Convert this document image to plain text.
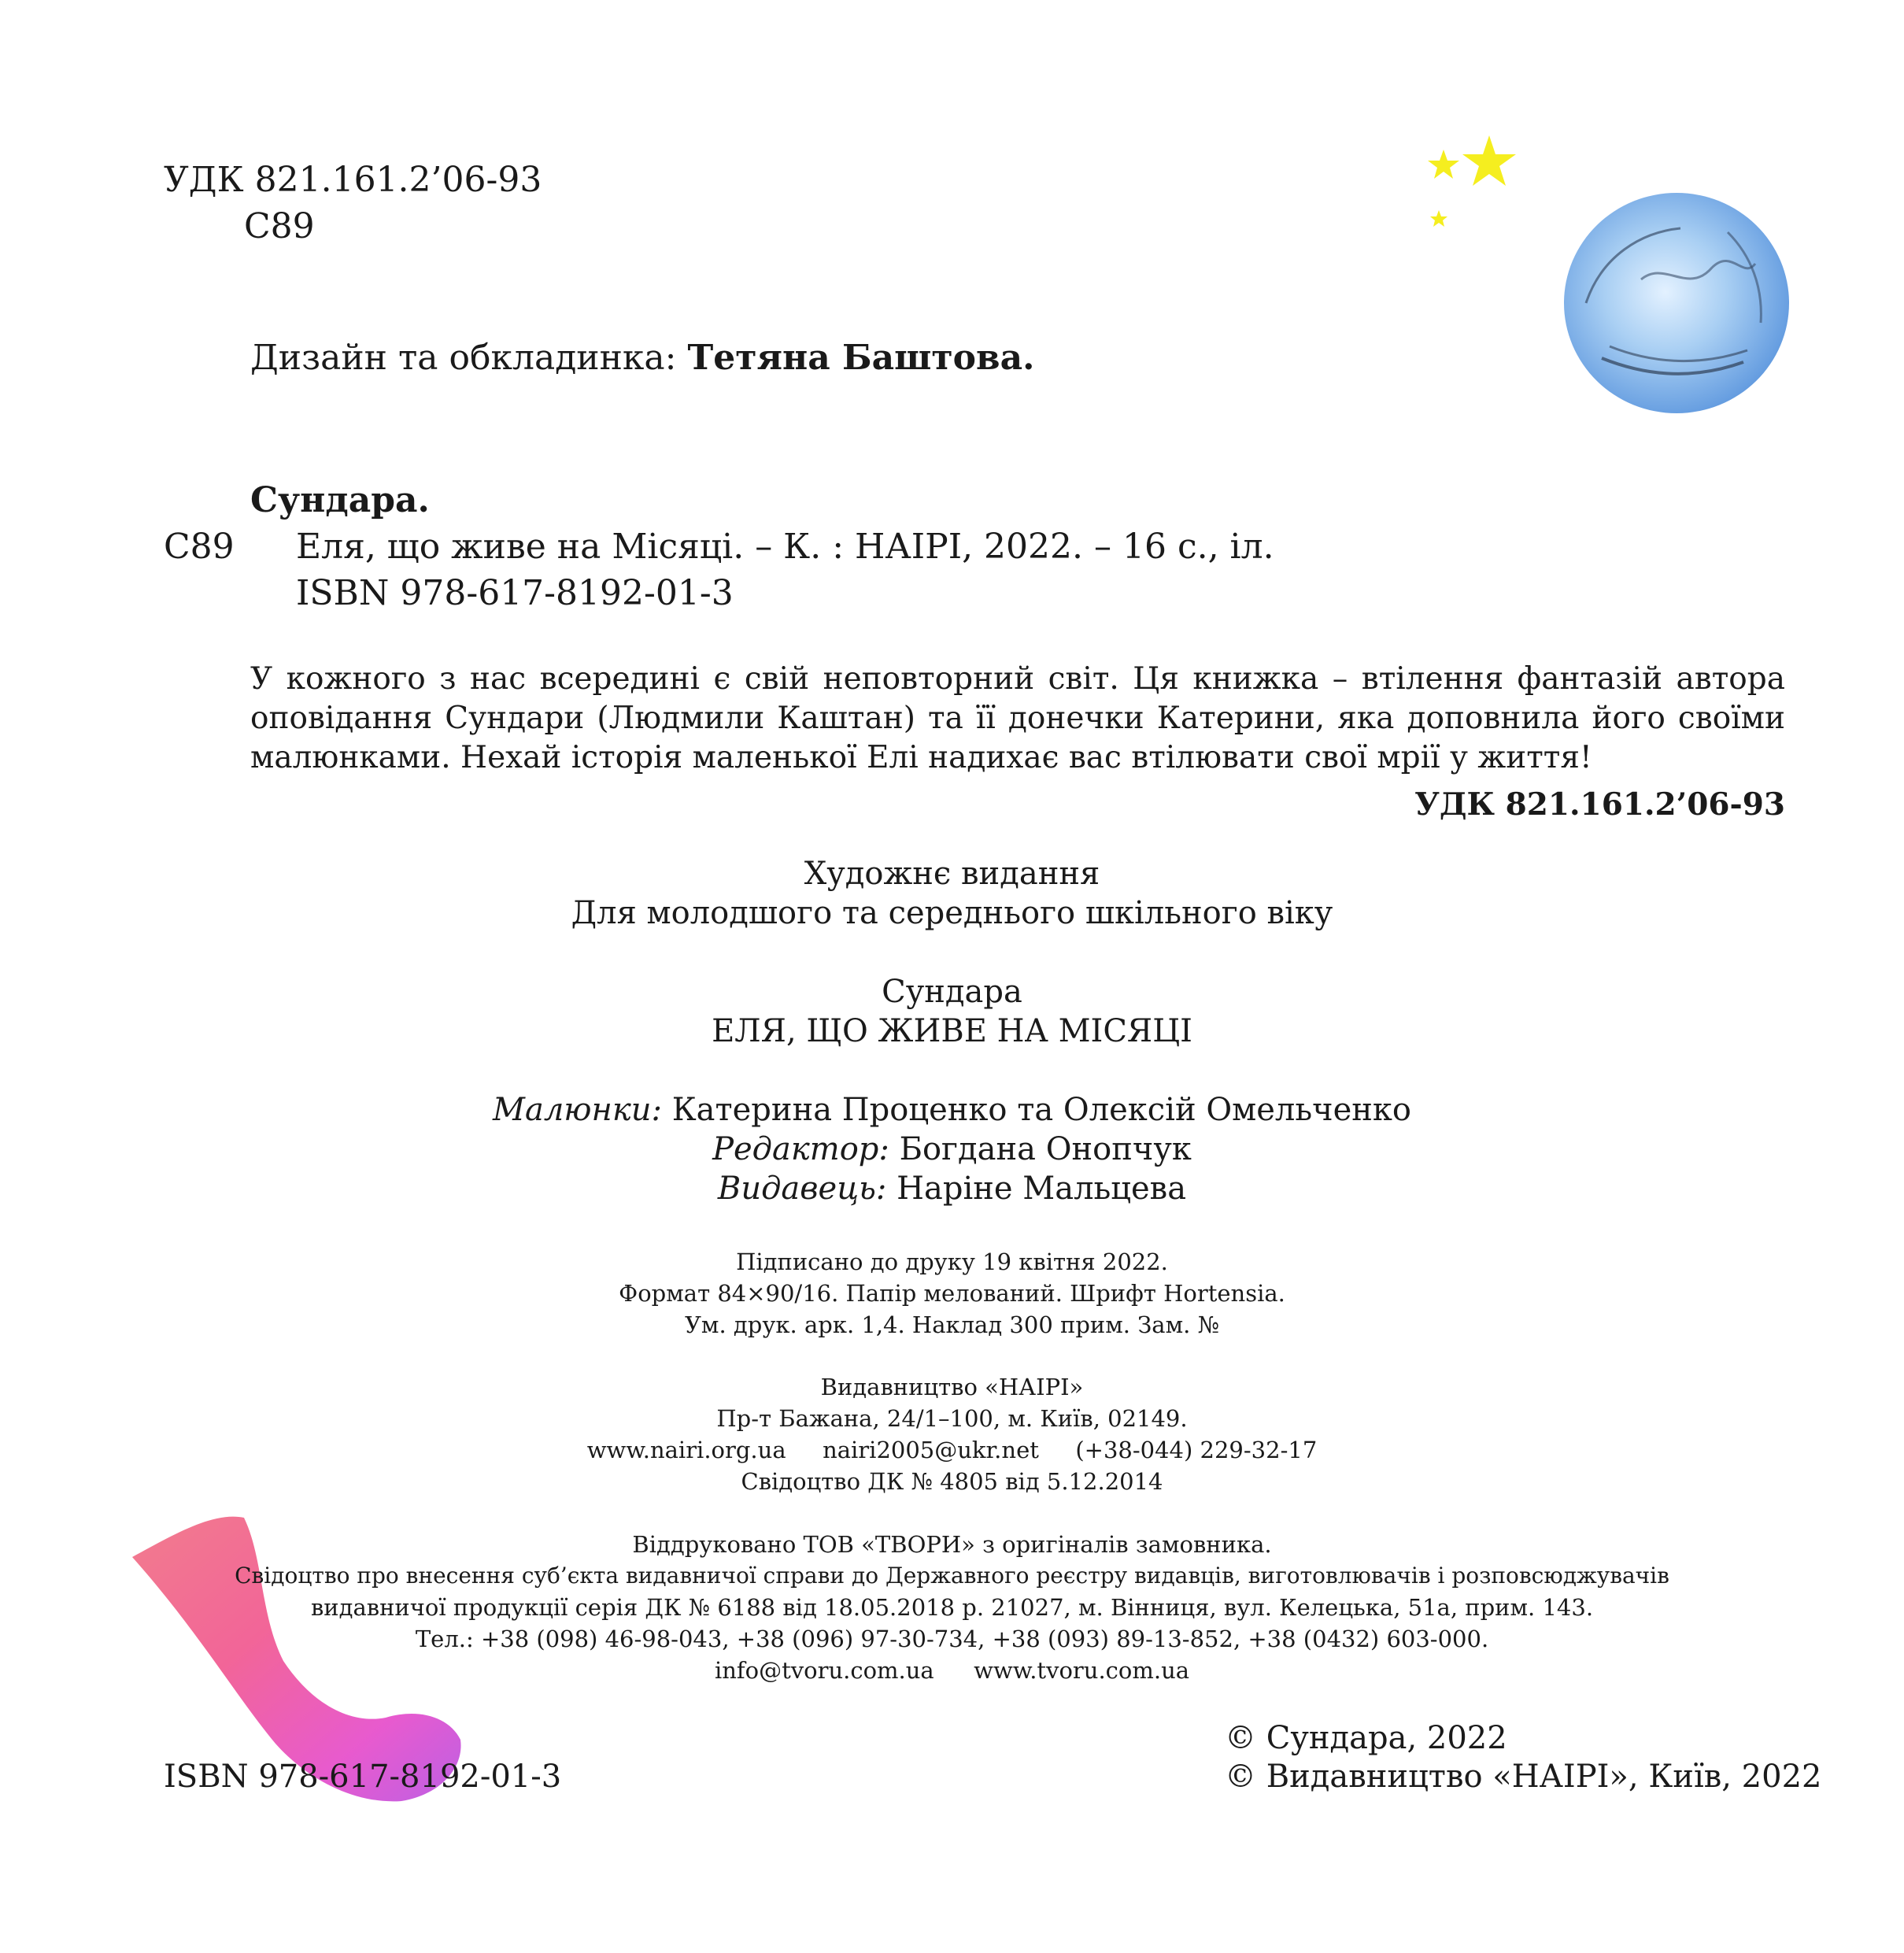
УДК 821.161.2’06-93
С89
Дизайн та обкладинка: Тетяна Баштова.
Сундара.
С89 Еля, що живе на Місяці. – К. : НАІРІ, 2022. – 16 с., іл.
ISBN 978-617-8192-01-3
У кожного з нас всередині є свій неповторний світ. Ця книжка – втілення фантазій автора оповідання Сундари (Людмили Каштан) та її донечки Катерини, яка доповнила його своїми малюнками. Нехай історія маленької Елі надихає вас втілювати свої мрії у життя!
УДК 821.161.2’06-93
Художнє видання
Для молодшого та середнього шкільного віку
Сундара
ЕЛЯ, ЩО ЖИВЕ НА МІСЯЦІ
Малюнки: Катерина Проценко та Олексій Омельченко
Редактор: Богдана Онопчук
Видавець: Наріне Мальцева
Підписано до друку 19 квітня 2022.
Формат 84×90/16. Папір мелований. Шрифт Hortensia.
Ум. друк. арк. 1,4. Наклад 300 прим. Зам. №
Видавництво «НАІРІ»
Пр-т Бажана, 24/1–100, м. Київ, 02149.
www.nairi.org.ua nairi2005@ukr.net (+38-044) 229-32-17
Свідоцтво ДК № 4805 від 5.12.2014
Віддруковано ТОВ «ТВОРИ» з оригіналів замовника.
Свідоцтво про внесення суб’єкта видавничої справи до Державного реєстру видавців, виготовлювачів і розповсюджувачів
видавничої продукції серія ДК № 6188 від 18.05.2018 р. 21027, м. Вінниця, вул. Келецька, 51а, прим. 143.
Тел.: +38 (098) 46-98-043, +38 (096) 97-30-734, +38 (093) 89-13-852, +38 (0432) 603-000.
info@tvoru.com.ua www.tvoru.com.ua
ISBN 978-617-8192-01-3
© Сундара, 2022
© Видавництво «НАІРІ», Київ, 2022
